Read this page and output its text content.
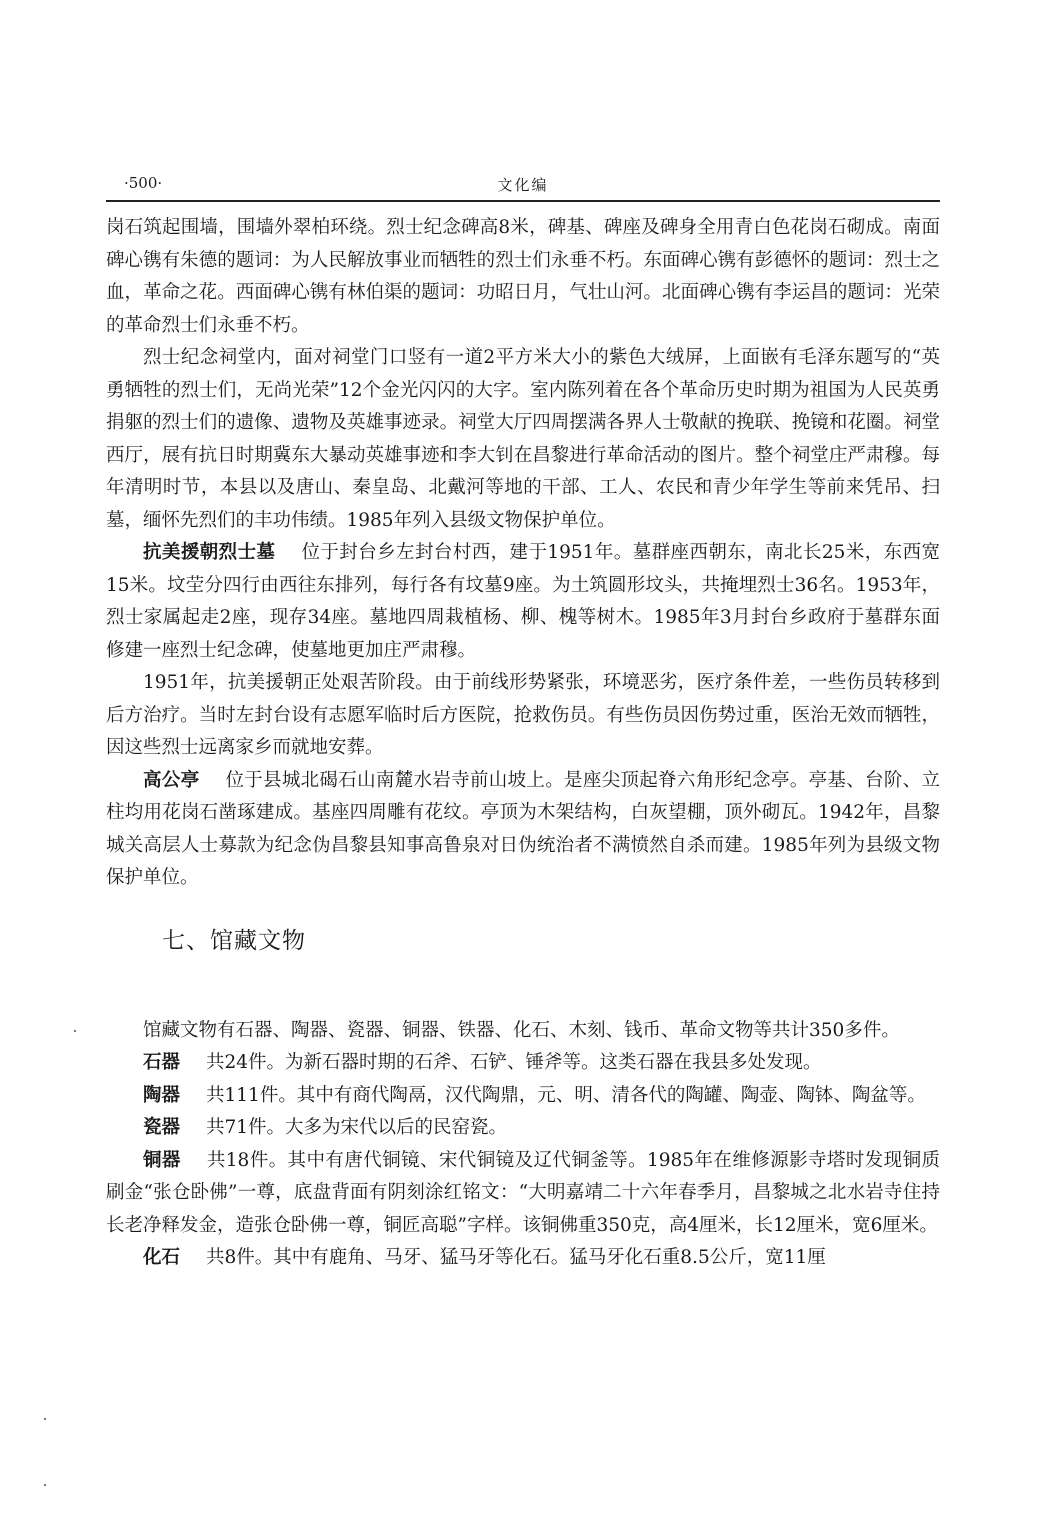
·500·	文化编

岗石筑起围墙，围墙外翠柏环绕。烈士纪念碑高8米，碑基、碑座及碑身全用青白色花岗石砌成。南面碑心镌有朱德的题词：为人民解放事业而牺牲的烈士们永垂不朽。东面碑心镌有彭德怀的题词：烈士之血，革命之花。西面碑心镌有林伯渠的题词：功昭日月，气壮山河。北面碑心镌有李运昌的题词：光荣的革命烈士们永垂不朽。

烈士纪念祠堂内，面对祠堂门口竖有一道2平方米大小的紫色大绒屏，上面嵌有毛泽东题写的“英勇牺牲的烈士们，无尚光荣”12个金光闪闪的大字。室内陈列着在各个革命历史时期为祖国为人民英勇捐躯的烈士们的遗像、遗物及英雄事迹录。祠堂大厅四周摆满各界人士敬献的挽联、挽镜和花圈。祠堂西厅，展有抗日时期冀东大暴动英雄事迹和李大钊在昌黎进行革命活动的图片。整个祠堂庄严肃穆。每年清明时节，本县以及唐山、秦皇岛、北戴河等地的干部、工人、农民和青少年学生等前来凭吊、扫墓，缅怀先烈们的丰功伟绩。1985年列入县级文物保护单位。

抗美援朝烈士墓 位于封台乡左封台村西，建于1951年。墓群座西朝东，南北长25米，东西宽15米。坟茔分四行由西往东排列，每行各有坟墓9座。为土筑圆形坟头，共掩埋烈士36名。1953年，烈士家属起走2座，现存34座。墓地四周栽植杨、柳、槐等树木。1985年3月封台乡政府于墓群东面修建一座烈士纪念碑，使墓地更加庄严肃穆。

1951年，抗美援朝正处艰苦阶段。由于前线形势紧张，环境恶劣，医疗条件差，一些伤员转移到后方治疗。当时左封台设有志愿军临时后方医院，抢救伤员。有些伤员因伤势过重，医治无效而牺牲，因这些烈士远离家乡而就地安葬。

高公亭 位于县城北碣石山南麓水岩寺前山坡上。是座尖顶起脊六角形纪念亭。亭基、台阶、立柱均用花岗石凿琢建成。基座四周雕有花纹。亭顶为木架结构，白灰望棚，顶外砌瓦。1942年，昌黎城关高层人士募款为纪念伪昌黎县知事高鲁泉对日伪统治者不满愤然自杀而建。1985年列为县级文物保护单位。

七、馆藏文物

馆藏文物有石器、陶器、瓷器、铜器、铁器、化石、木刻、钱币、革命文物等共计350多件。

石器 共24件。为新石器时期的石斧、石铲、锤斧等。这类石器在我县多处发现。

陶器 共111件。其中有商代陶鬲，汉代陶鼎，元、明、清各代的陶罐、陶壶、陶钵、陶盆等。

瓷器 共71件。大多为宋代以后的民窑瓷。

铜器 共18件。其中有唐代铜镜、宋代铜镜及辽代铜釜等。1985年在维修源影寺塔时发现铜质刷金“张仓卧佛”一尊，底盘背面有阴刻涂红铭文：“大明嘉靖二十六年春季月，昌黎城之北水岩寺住持长老净释发金，造张仓卧佛一尊，铜匠高聪”字样。该铜佛重350克，高4厘米，长12厘米，宽6厘米。

化石 共8件。其中有鹿角、马牙、猛马牙等化石。猛马牙化石重8.5公斤，宽11厘
